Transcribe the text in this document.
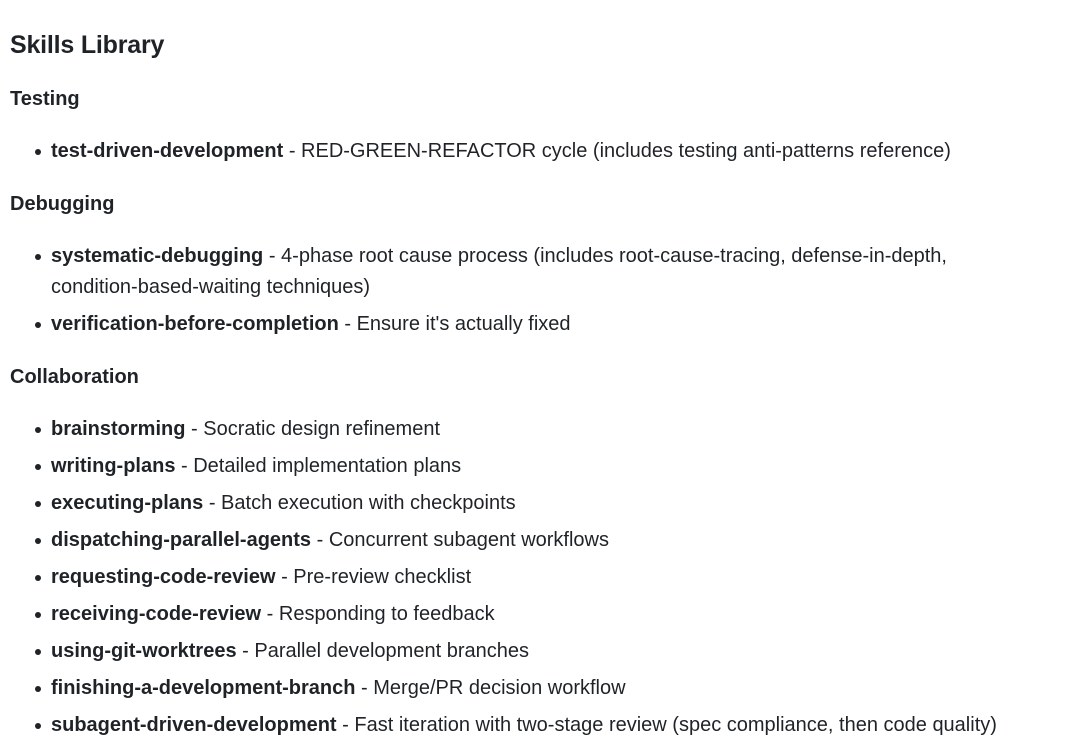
Skills Library
Testing
test-driven-development - RED-GREEN-REFACTOR cycle (includes testing anti-patterns reference)
Debugging
systematic-debugging - 4-phase root cause process (includes root-cause-tracing, defense-in-depth, condition-based-waiting techniques)
verification-before-completion - Ensure it's actually fixed
Collaboration
brainstorming - Socratic design refinement
writing-plans - Detailed implementation plans
executing-plans - Batch execution with checkpoints
dispatching-parallel-agents - Concurrent subagent workflows
requesting-code-review - Pre-review checklist
receiving-code-review - Responding to feedback
using-git-worktrees - Parallel development branches
finishing-a-development-branch - Merge/PR decision workflow
subagent-driven-development - Fast iteration with two-stage review (spec compliance, then code quality)
